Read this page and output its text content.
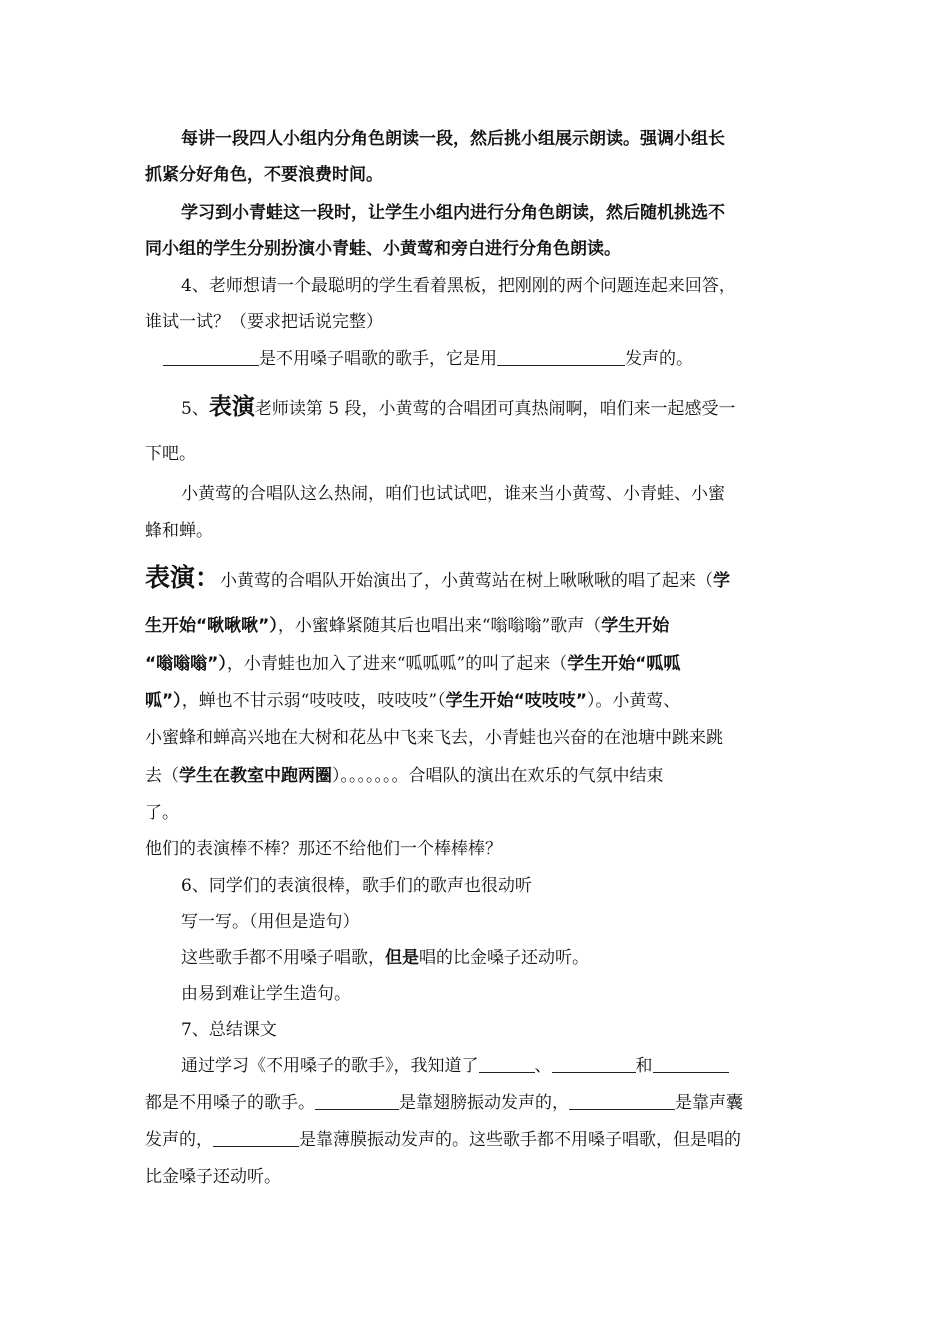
每讲一段四人小组内分角色朗读一段，然后挑小组展示朗读。强调小组长
抓紧分好角色，不要浪费时间。
学习到小青蛙这一段时，让学生小组内进行分角色朗读，然后随机挑选不
同小组的学生分别扮演小青蛙、小黄莺和旁白进行分角色朗读。
4、老师想请一个最聪明的学生看着黑板，把刚刚的两个问题连起来回答，
谁试一试？（要求把话说完整）
是不用嗓子唱歌的歌手，它是用	发声的。
5、表演老师读第 5 段，小黄莺的合唱团可真热闹啊，咱们来一起感受一
下吧。
小黄莺的合唱队这么热闹，咱们也试试吧，谁来当小黄莺、小青蛙、小蜜
蜂和蝉。
表演：小黄莺的合唱队开始演出了，小黄莺站在树上啾啾啾的唱了起来（学
生开始“啾啾啾”），小蜜蜂紧随其后也唱出来“嗡嗡嗡”歌声（学生开始
“嗡嗡嗡”），小青蛙也加入了进来“呱呱呱”的叫了起来（学生开始“呱呱
呱”），蝉也不甘示弱“吱吱吱，吱吱吱”（学生开始“吱吱吱”）。小黄莺、
小蜜蜂和蝉高兴地在大树和花丛中飞来飞去，小青蛙也兴奋的在池塘中跳来跳
去（学生在教室中跑两圈）。。。。。。。合唱队的演出在欢乐的气氛中结束
了。
他们的表演棒不棒？那还不给他们一个棒棒棒？
6、同学们的表演很棒，歌手们的歌声也很动听
写一写。（用但是造句）
这些歌手都不用嗓子唱歌，但是唱的比金嗓子还动听。
由易到难让学生造句。
7、总结课文
通过学习《不用嗓子的歌手》，我知道了	、	和
都是不用嗓子的歌手。	是靠翅膀振动发声的，	是靠声囊
发声的，	是靠薄膜振动发声的。这些歌手都不用嗓子唱歌，但是唱的
比金嗓子还动听。
